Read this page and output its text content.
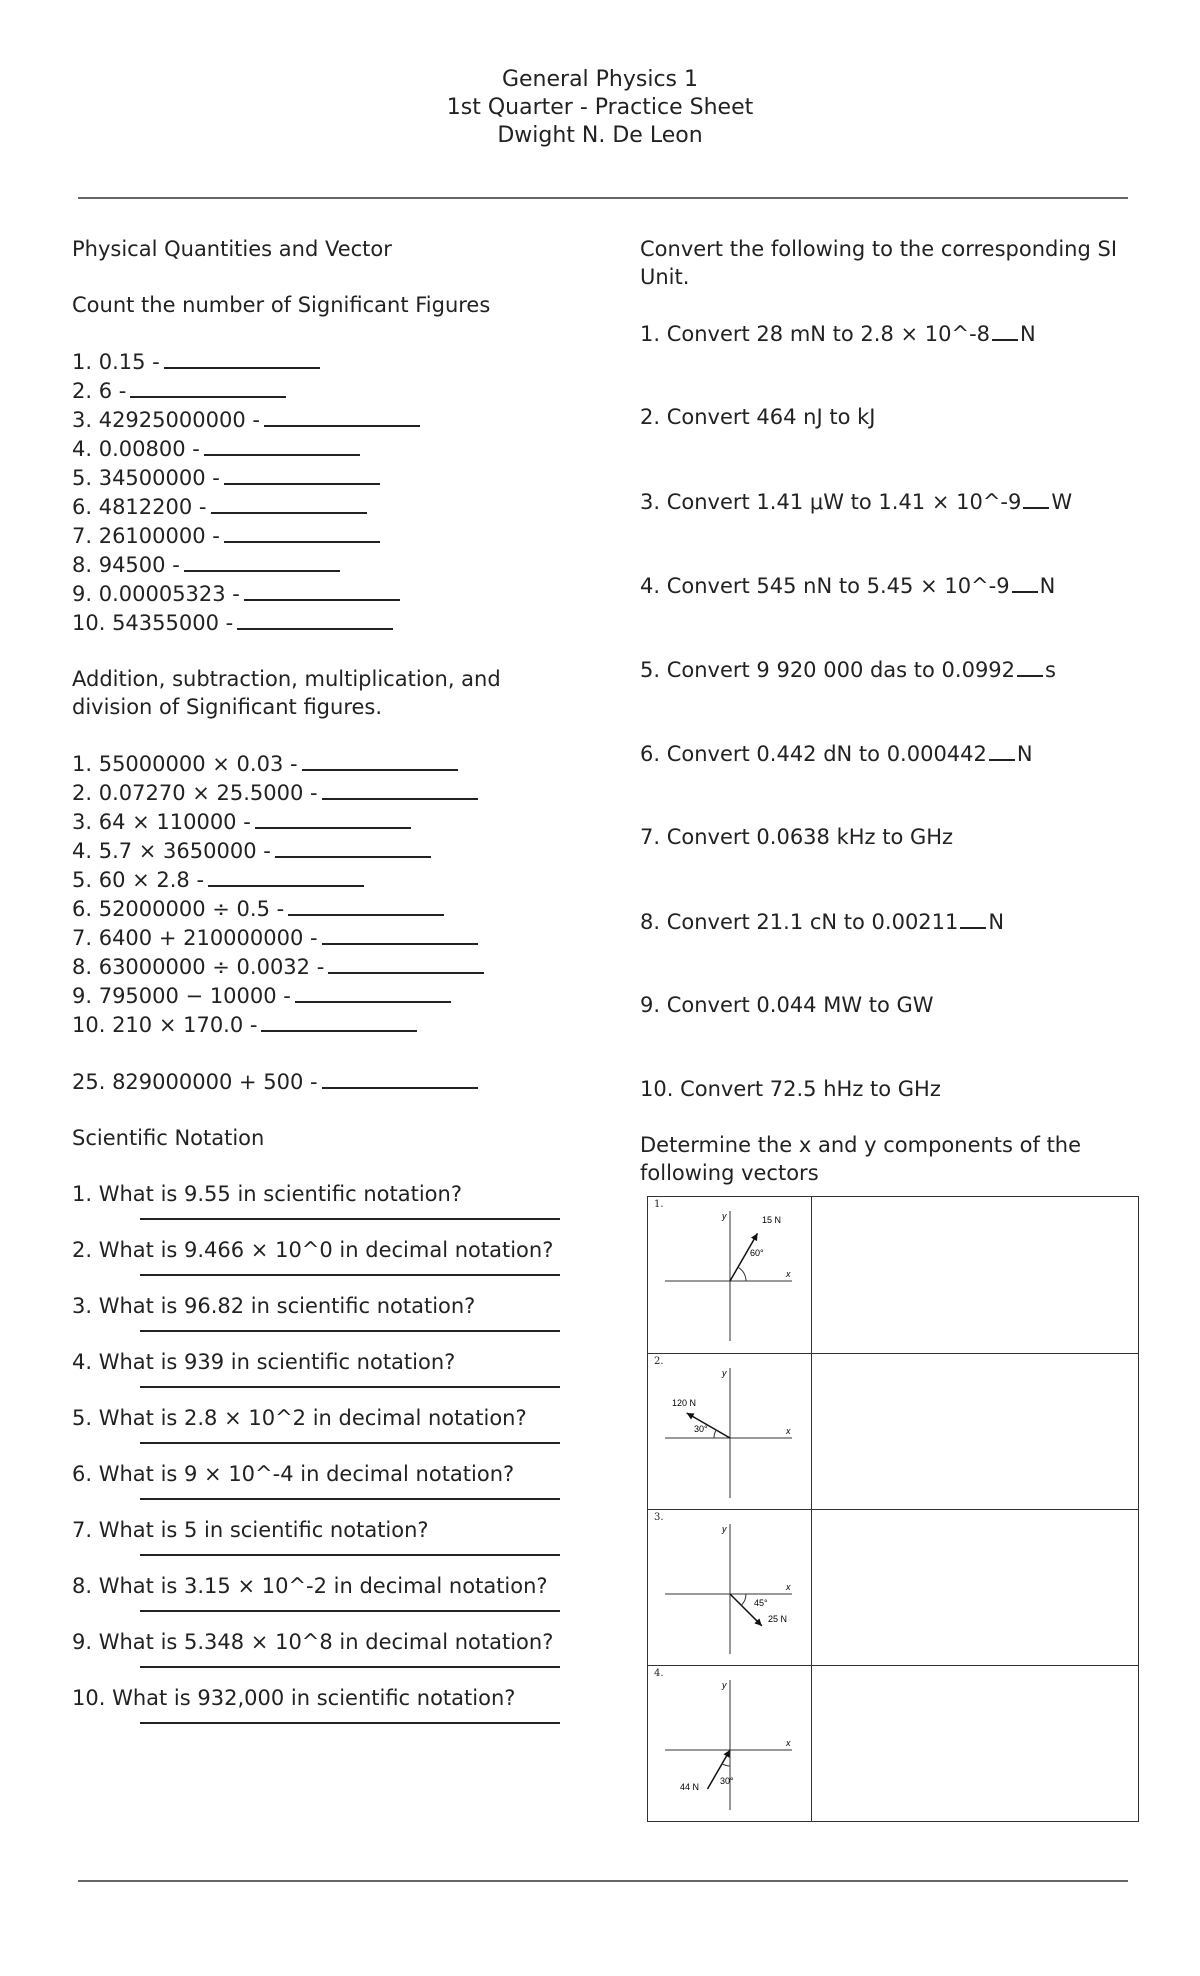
General Physics 1
1st Quarter - Practice Sheet
Dwight N. De Leon
Physical Quantities and Vector
Count the number of Significant Figures
1. 0.15 -
2. 6 -
3. 42925000000 -
4. 0.00800 -
5. 34500000 -
6. 4812200 -
7. 26100000 -
8. 94500 -
9. 0.00005323 -
10. 54355000 -
Addition, subtraction, multiplication, and division of Significant figures.
1. 55000000 × 0.03 -
2. 0.07270 × 25.5000 -
3. 64 × 110000 -
4. 5.7 × 3650000 -
5. 60 × 2.8 -
6. 52000000 ÷ 0.5 -
7. 6400 + 210000000 -
8. 63000000 ÷ 0.0032 -
9. 795000 − 10000 -
10. 210 × 170.0 -
25. 829000000 + 500 -
Scientific Notation
1. What is 9.55 in scientific notation?
2. What is 9.466 × 10^0 in decimal notation?
3. What is 96.82 in scientific notation?
4. What is 939 in scientific notation?
5. What is 2.8 × 10^2 in decimal notation?
6. What is 9 × 10^-4 in decimal notation?
7. What is 5 in scientific notation?
8. What is 3.15 × 10^-2 in decimal notation?
9. What is 5.348 × 10^8 in decimal notation?
10. What is 932,000 in scientific notation?
Convert the following to the corresponding SI Unit.
1. Convert 28 mN to 2.8 × 10^-8 N
2. Convert 464 nJ to kJ
3. Convert 1.41 μW to 1.41 × 10^-9 W
4. Convert 545 nN to 5.45 × 10^-9 N
5. Convert 9 920 000 das to 0.0992 s
6. Convert 0.442 dN to 0.000442 N
7. Convert 0.0638 kHz to GHz
8. Convert 21.1 cN to 0.00211 N
9. Convert 0.044 MW to GW
10. Convert 72.5 hHz to GHz
Determine the x and y components of the following vectors
1.
x
y	15 N
60°
2.
x
y
120 N
30°
3.
x
y
25 N
45°
4.
x
y
44 N
30°
